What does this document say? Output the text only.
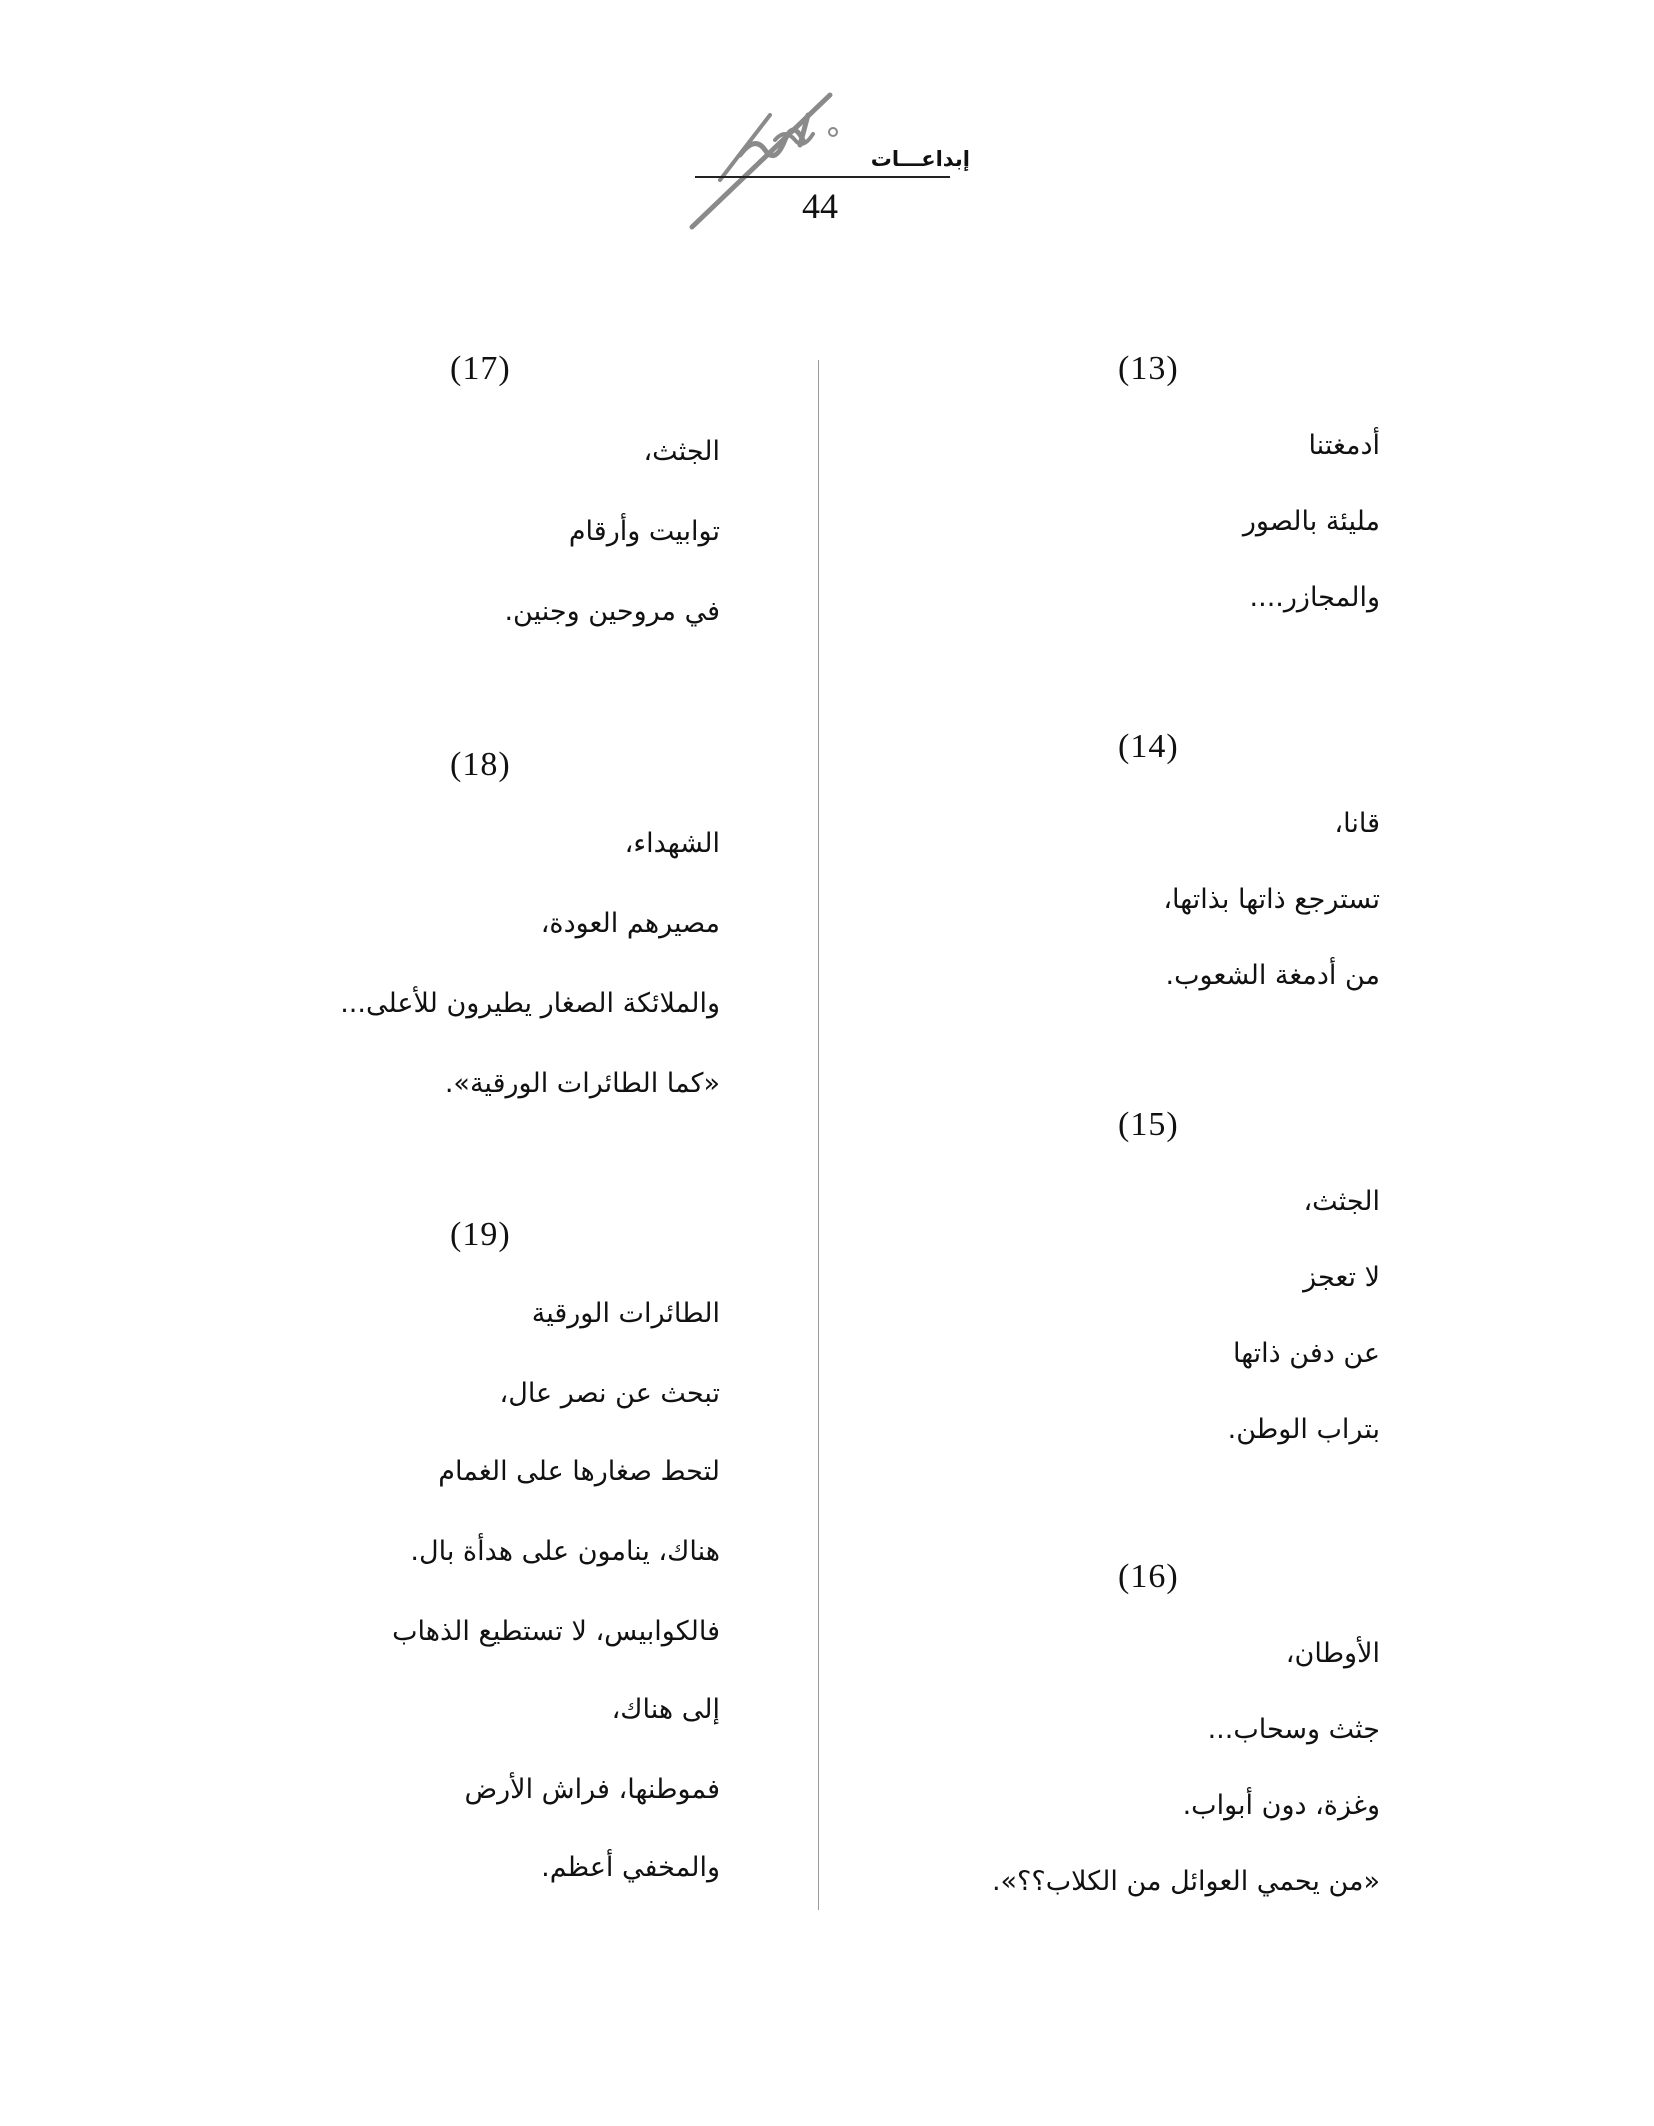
إبداعـــات
44
(13)
أدمغتنا
مليئة بالصور
والمجازر....
(14)
قانا،
تسترجع ذاتها بذاتها،
من أدمغة الشعوب.
(15)
الجثث،
لا تعجز
عن دفن ذاتها
بتراب الوطن.
(16)
الأوطان،
جثث وسحاب...
وغزة، دون أبواب.
«من يحمي العوائل من الكلاب؟؟».
(17)
الجثث،
توابيت وأرقام
في مروحين وجنين.
(18)
الشهداء،
مصيرهم العودة،
والملائكة الصغار يطيرون للأعلى...
«كما الطائرات الورقية».
(19)
الطائرات الورقية
تبحث عن نصر عال،
لتحط صغارها على الغمام
هناك، ينامون على هدأة بال.
فالكوابيس، لا تستطيع الذهاب
إلى هناك،
فموطنها، فراش الأرض
والمخفي أعظم.
